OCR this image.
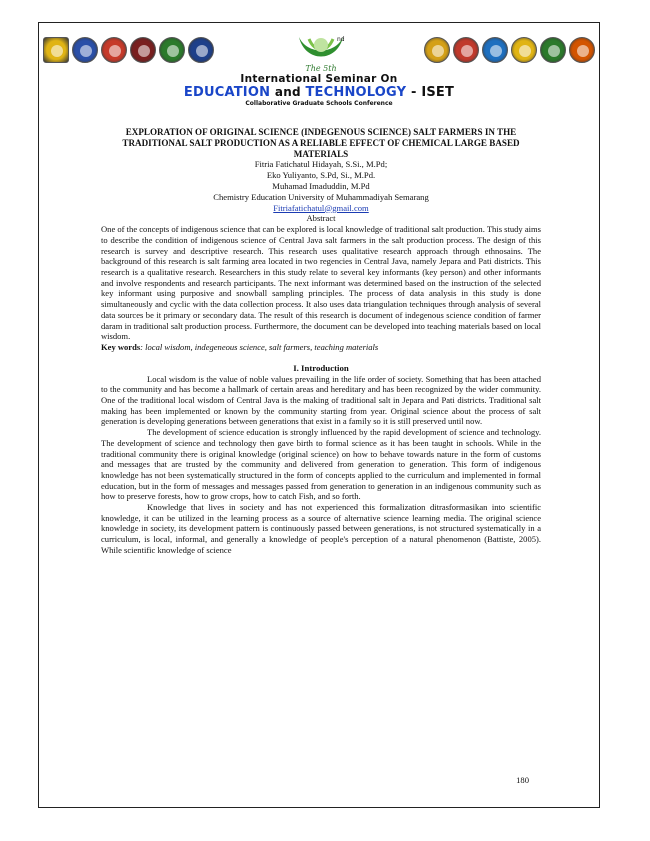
nd
The 5th
International Seminar On
EDUCATION and TECHNOLOGY - ISET
Collaborative Graduate Schools Conference

EXPLORATION OF ORIGINAL SCIENCE (INDEGENOUS SCIENCE) SALT FARMERS IN THE TRADITIONAL SALT PRODUCTION AS A RELIABLE EFFECT OF CHEMICAL LARGE BASED MATERIALS

Fitria Fatichatul Hidayah, S.Si., M.Pd;

Eko Yuliyanto, S.Pd, Si., M.Pd.

Muhamad Imaduddin, M.Pd

Chemistry Education University of Muhammadiyah Semarang

Fitriafatichatul@gmail.com

Abstract

One of the concepts of indigenous science that can be explored is local knowledge of traditional salt production. This study aims to describe the condition of indigenous science of Central Java salt farmers in the salt production process. The design of this research is survey and descriptive research. This research uses qualitative research approach through ethnosains. The background of this research is salt farming area located in two regencies in Central Java, namely Jepara and Pati districts. This research is a qualitative research. Researchers in this study relate to several key informants (key person) and other informants and involve respondents and research participants. The next informant was determined based on the instruction of the selected key informant using purposive and snowball sampling principles. The process of data analysis in this study is done simultaneously and cyclic with the data collection process. It also uses data triangulation techniques through analysis of several data sources be it primary or secondary data. The result of this research is document of indegenous science condition of farmer daram in traditional salt production process. Furthermore, the document can be developed into teaching materials based on local wisdom.

Key words: local wisdom, indegeneous science, salt farmers, teaching materials

I. Introduction

Local wisdom is the value of noble values prevailing in the life order of society. Something that has been attached to the community and has become a hallmark of certain areas and hereditary and has been recognized by the wider community. One of the traditional local wisdom of Central Java is the making of traditional salt in Jepara and Pati districts. Traditional salt making has been implemented or known by the community starting from year. Original science about the process of salt generation is developing generations between generations that exist in a family so it is still preserved until now.

The development of science education is strongly influenced by the rapid development of science and technology. The development of science and technology then gave birth to formal science as it has been taught in schools. While in the traditional community there is original knowledge (original science) on how to behave towards nature in the form of customs and messages that are trusted by the community and delivered from generation to generation. This form of indigenous knowledge has not been systematically structured in the form of concepts applied to the curriculum and implemented in formal education, but in the form of messages and messages passed from generation to generation in an indigenous community such as how to preserve forests, how to grow crops, how to catch Fish, and so forth.

Knowledge that lives in society and has not experienced this formalization ditrasformasikan into scientific knowledge, it can be utilized in the learning process as a source of alternative science learning media. The original science knowledge in society, its development pattern is continuously passed between generations, is not structured systematically in a curriculum, is local, informal, and generally a knowledge of people's perception of a natural phenomenon (Battiste, 2005). While scientific knowledge of science

180
